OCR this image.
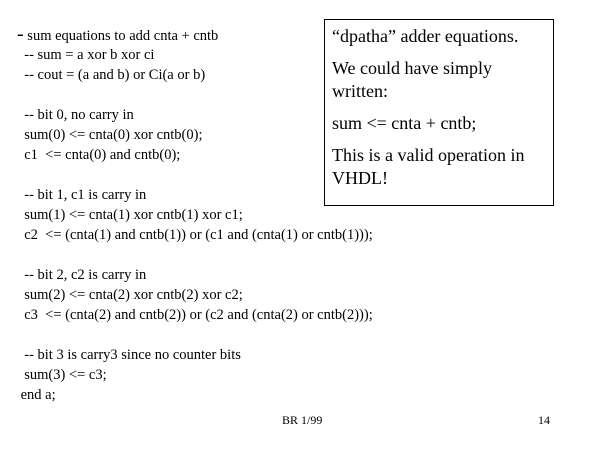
- sum equations to add cnta + cntb
-- sum = a xor b xor ci
-- cout = (a and b) or Ci(a or b)
-- bit 0, no carry in
sum(0) <= cnta(0) xor cntb(0);
c1  <= cnta(0) and cntb(0);
-- bit 1, c1 is carry in
sum(1) <= cnta(1) xor cntb(1) xor c1;
c2  <= (cnta(1) and cntb(1)) or (c1 and (cnta(1) or cntb(1)));
-- bit 2, c2 is carry in
sum(2) <= cnta(2) xor cntb(2) xor c2;
c3  <= (cnta(2) and cntb(2)) or (c2 and (cnta(2) or cntb(2)));
-- bit 3 is carry3 since no counter bits
sum(3) <= c3;
end a;

“dpatha” adder equations.

We could have simply written:

sum <= cnta + cntb;

This is a valid operation in VHDL!

BR 1/99	14
